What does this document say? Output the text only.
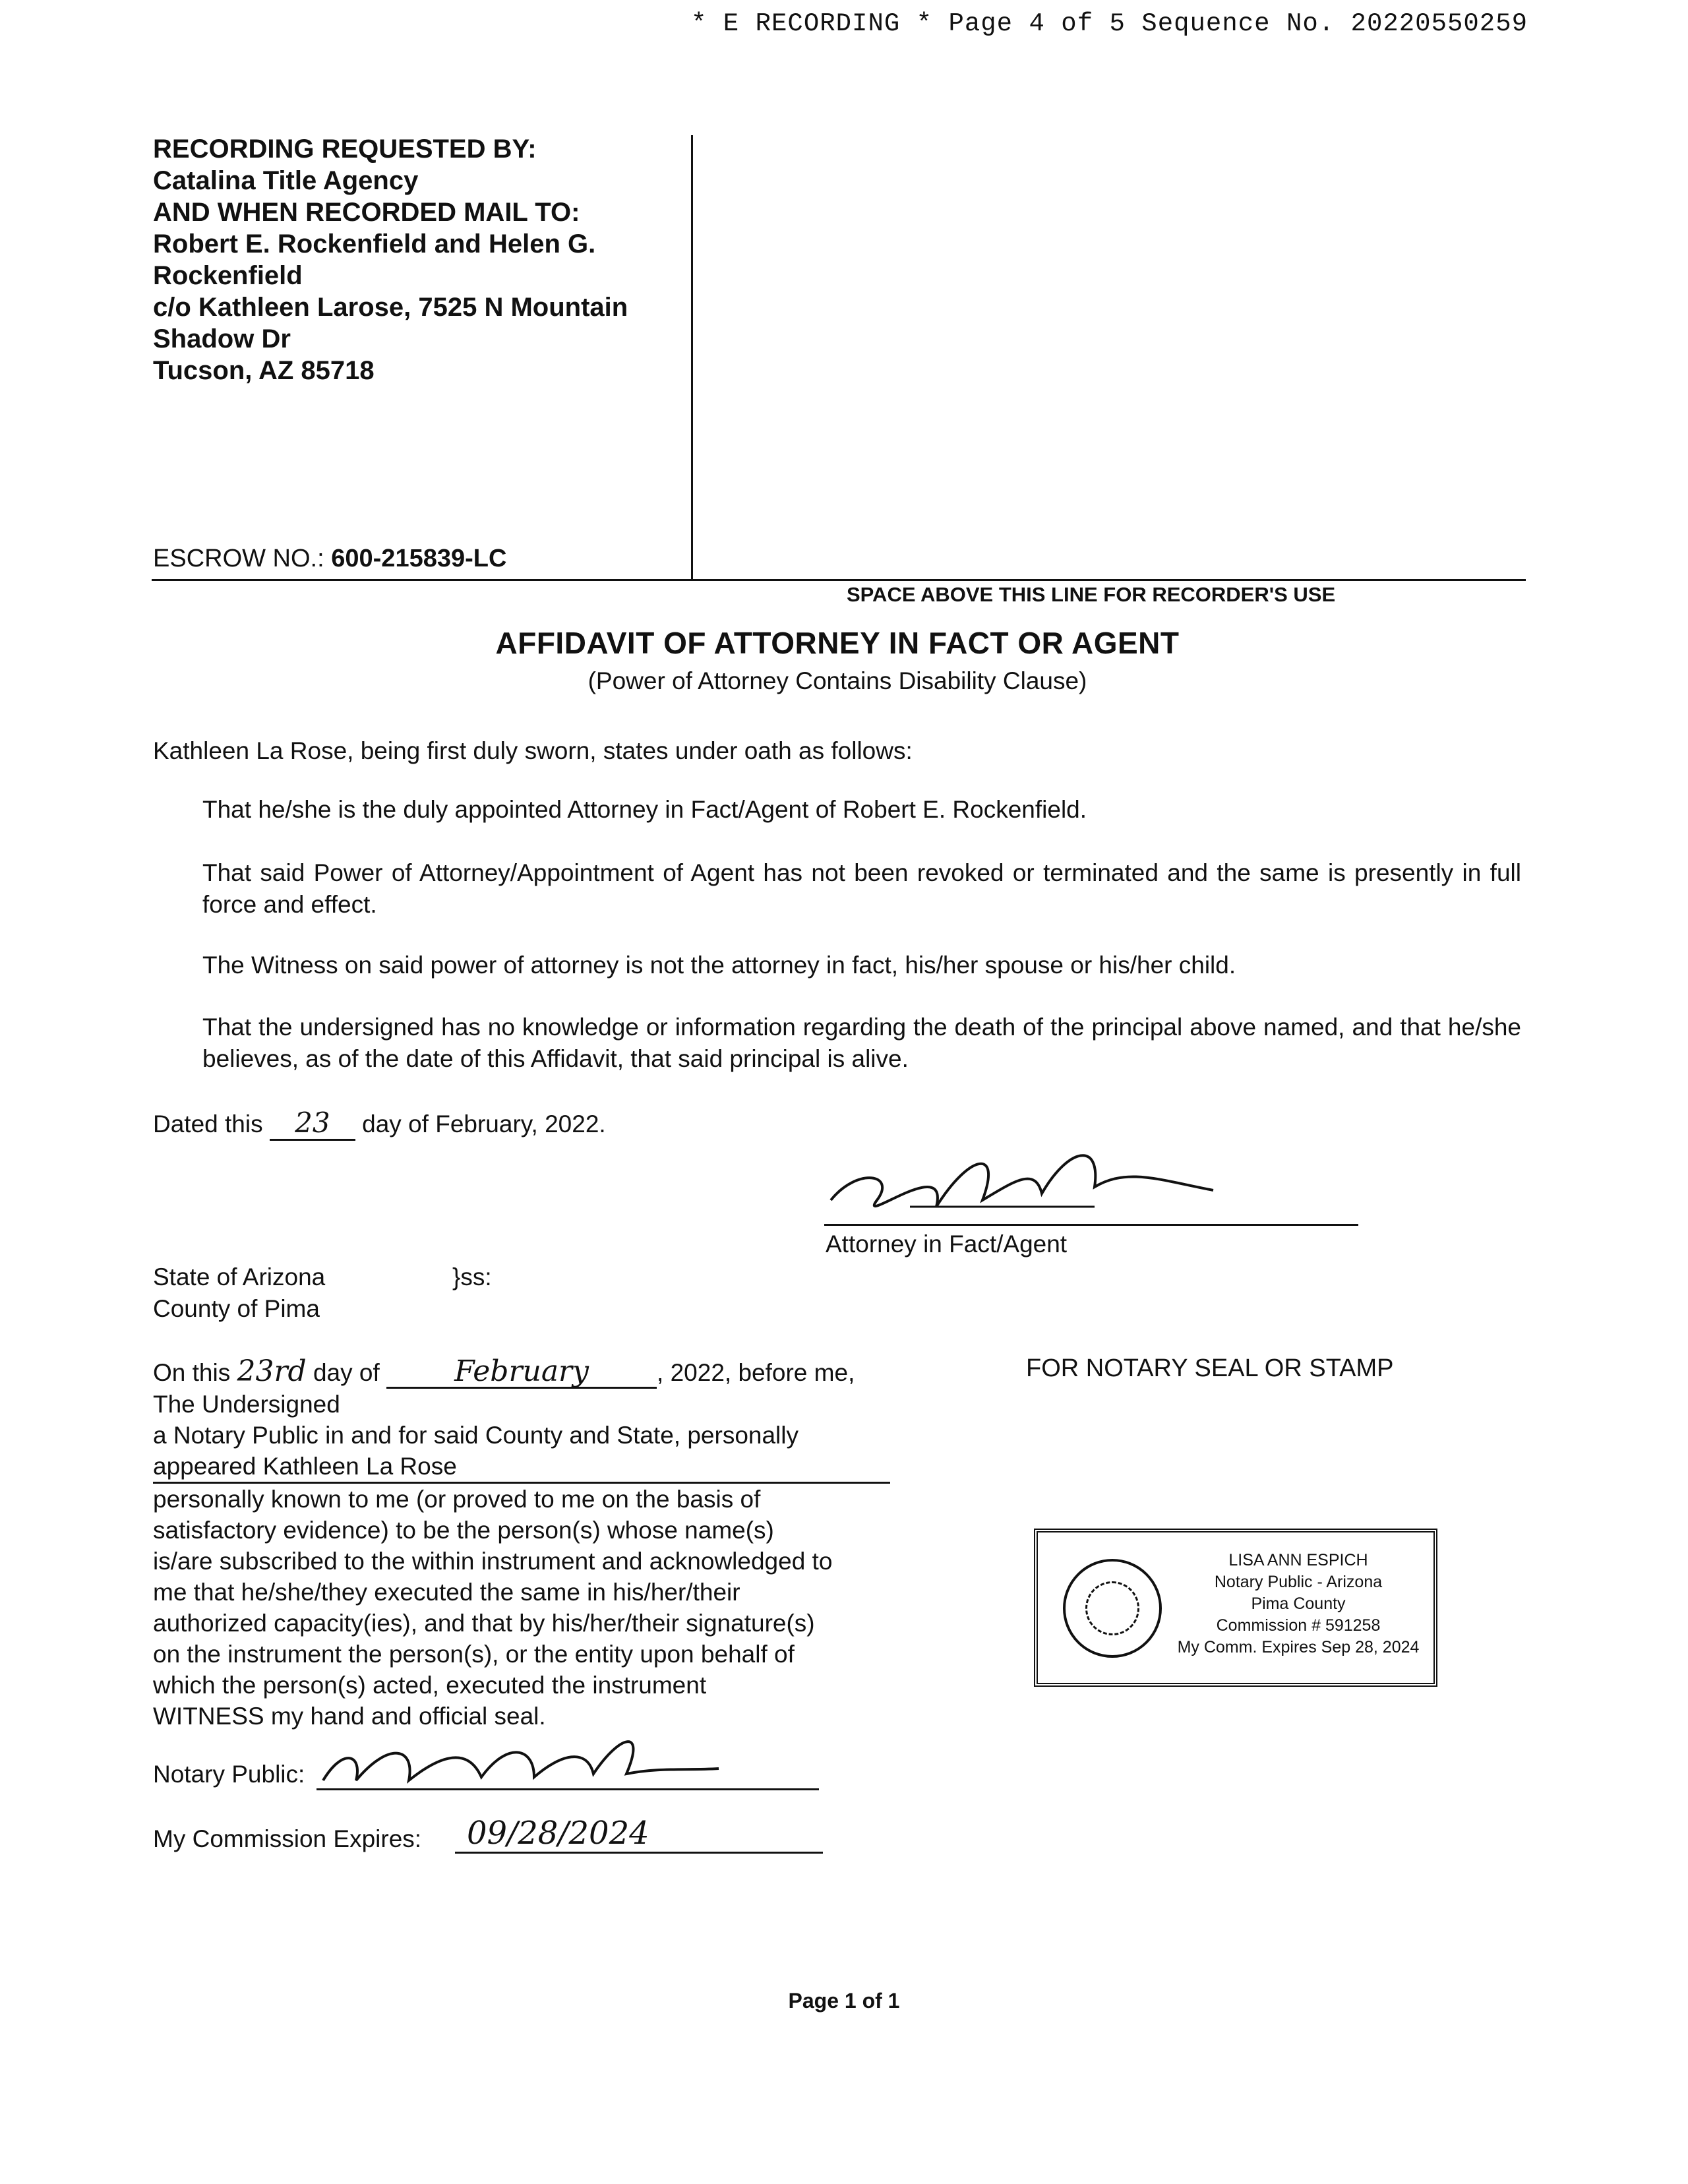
* E RECORDING * Page 4 of 5 Sequence No. 20220550259
RECORDING REQUESTED BY:
Catalina Title Agency
AND WHEN RECORDED MAIL TO:
Robert E. Rockenfield and Helen G.
Rockenfield
c/o Kathleen Larose, 7525 N Mountain
Shadow Dr
Tucson, AZ 85718
ESCROW NO.: 600-215839-LC
SPACE ABOVE THIS LINE FOR RECORDER'S USE
AFFIDAVIT OF ATTORNEY IN FACT OR AGENT
(Power of Attorney Contains Disability Clause)
Kathleen La Rose, being first duly sworn, states under oath as follows:
That he/she is the duly appointed Attorney in Fact/Agent of Robert E. Rockenfield.
That said Power of Attorney/Appointment of Agent has not been revoked or terminated and the same is presently in full force and effect.
The Witness on said power of attorney is not the attorney in fact, his/her spouse or his/her child.
That the undersigned has no knowledge or information regarding the death of the principal above named, and that he/she believes, as of the date of this Affidavit, that said principal is alive.
Dated this 23 day of February, 2022.
Attorney in Fact/Agent
State of Arizona	}ss:
County of Pima
On this 23rd day of	February	, 2022, before me,
The Undersigned
a Notary Public in and for said County and State, personally
appeared Kathleen La Rose
personally known to me (or proved to me on the basis of
satisfactory evidence) to be the person(s) whose name(s)
is/are subscribed to the within instrument and acknowledged to
me that he/she/they executed the same in his/her/their
authorized capacity(ies), and that by his/her/their signature(s)
on the instrument the person(s), or the entity upon behalf of
which the person(s) acted, executed the instrument
WITNESS my hand and official seal.
Notary Public:
My Commission Expires:	09/28/2024
FOR NOTARY SEAL OR STAMP
LISA ANN ESPICH
Notary Public - Arizona
Pima County
Commission # 591258
My Comm. Expires Sep 28, 2024
Page 1 of 1
